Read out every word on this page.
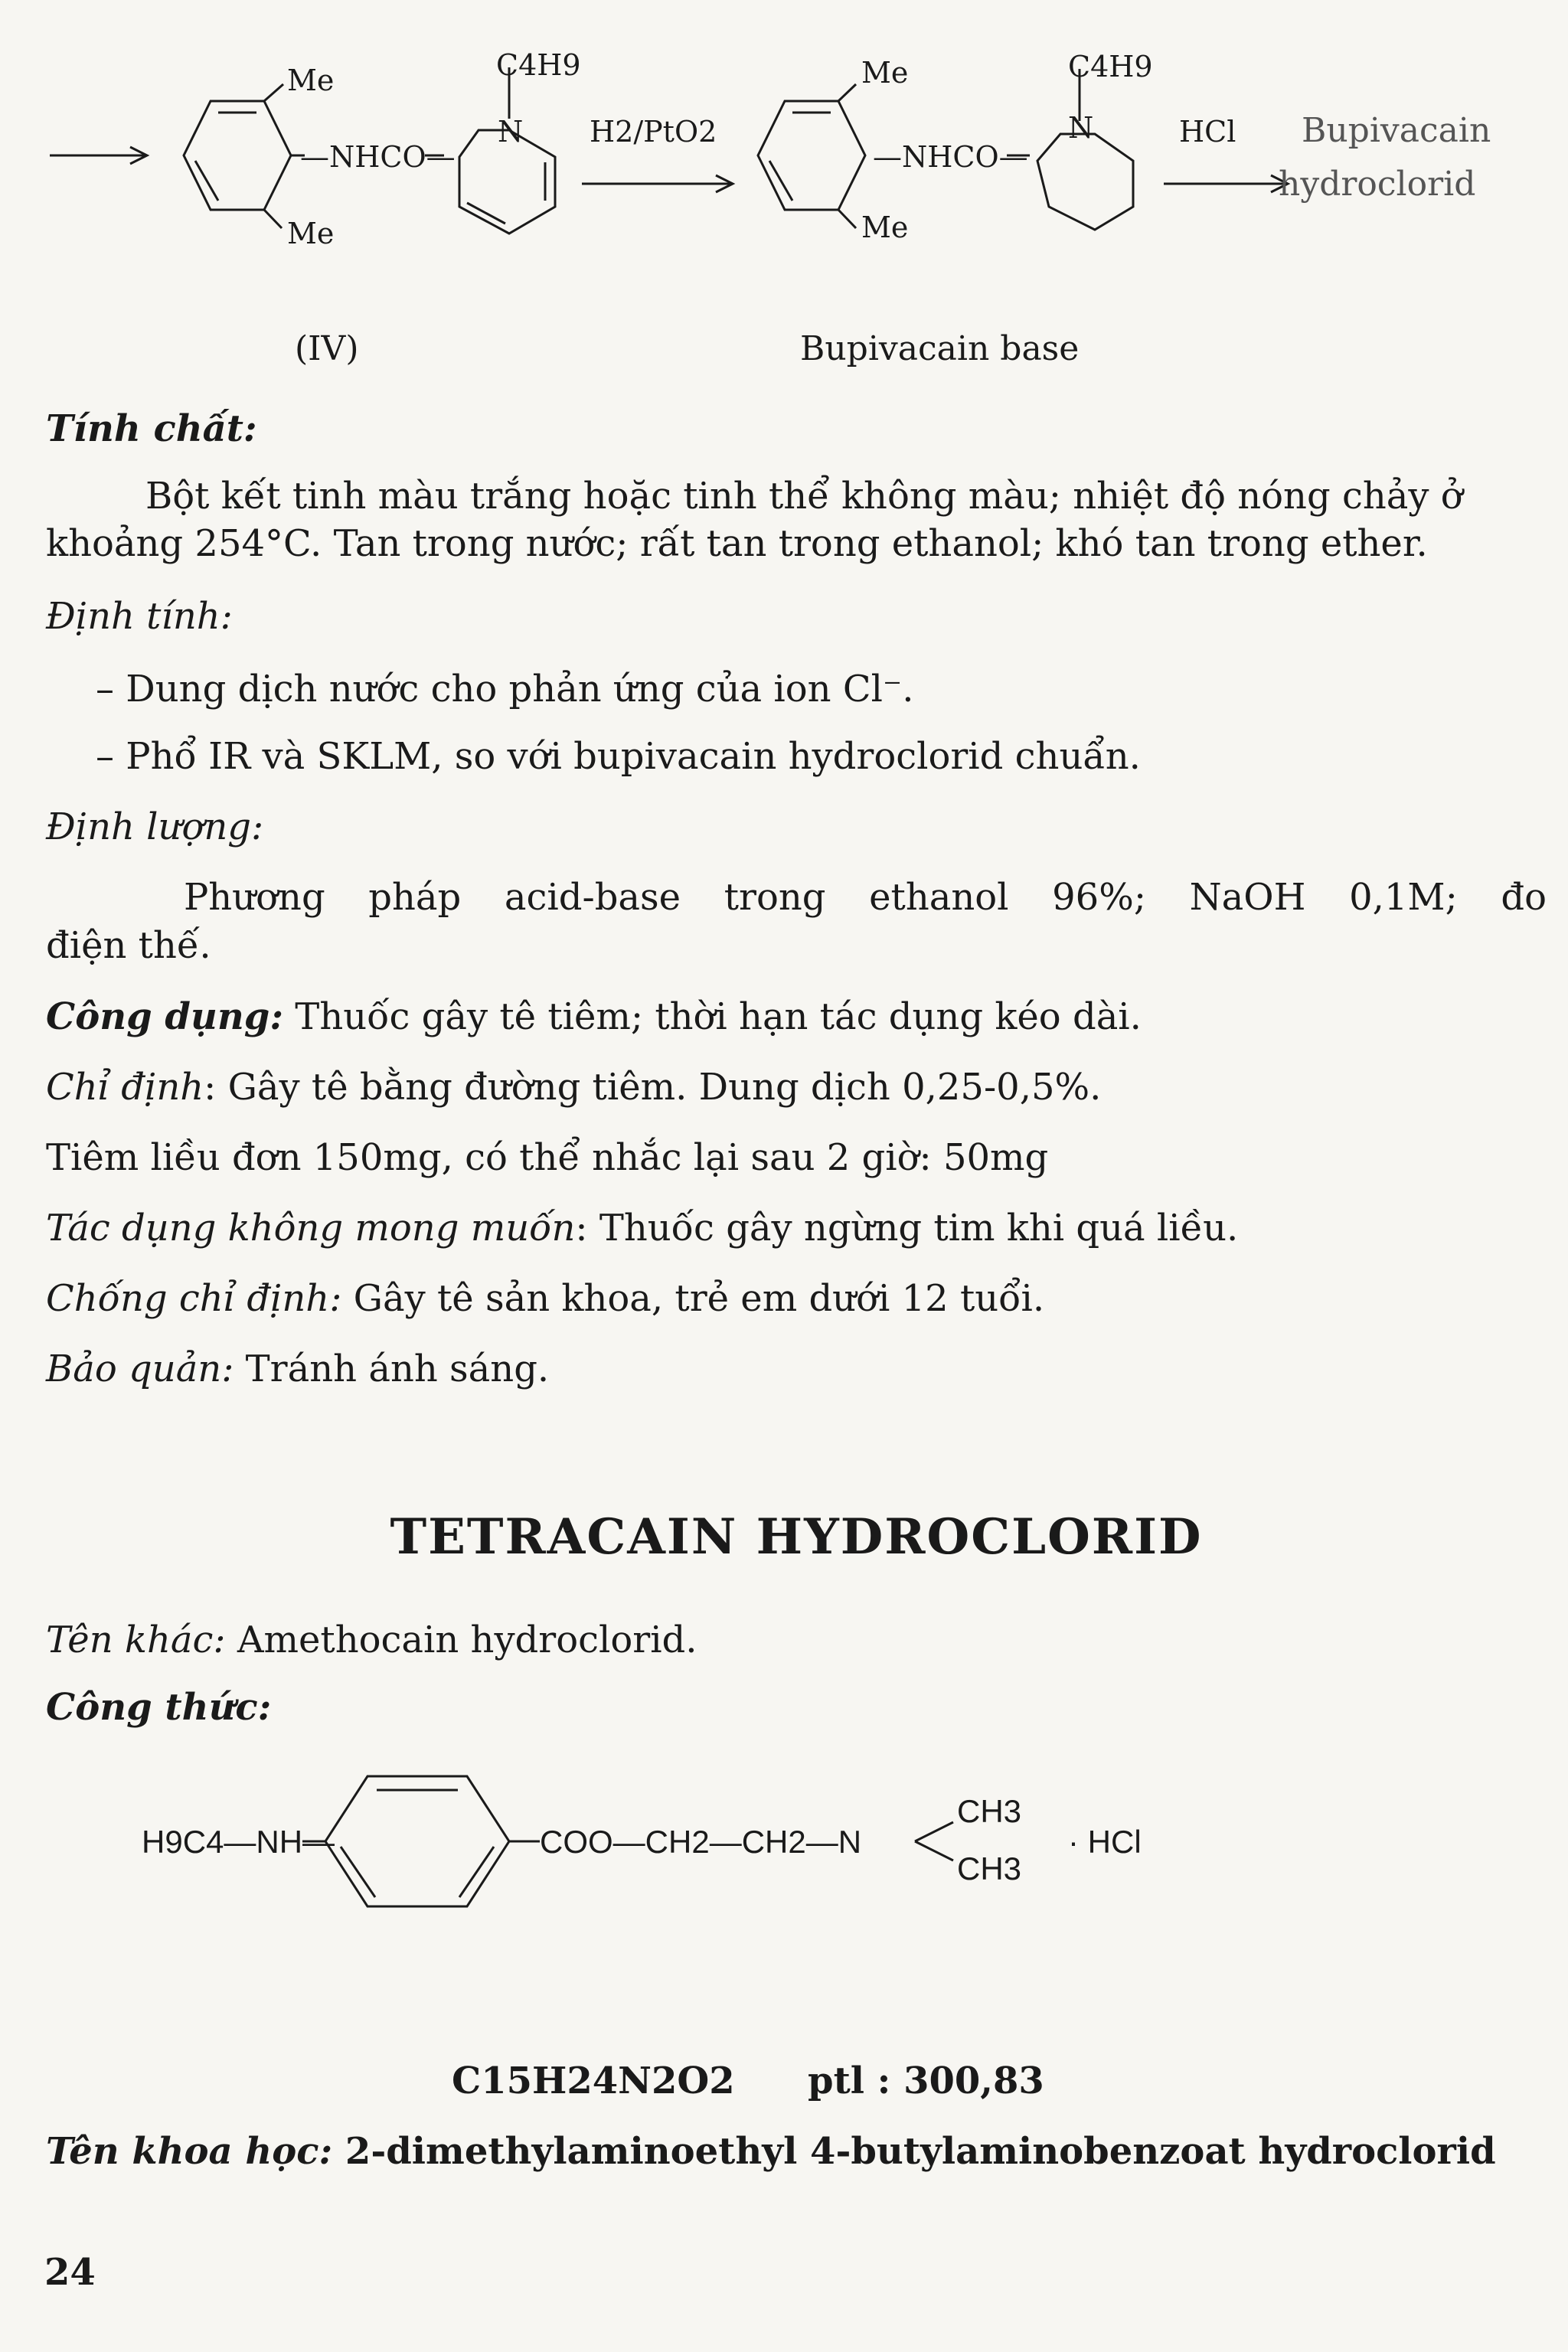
Me
Me
—NHCO—
C4H9
N H2/PtO2
Me
Me
—NHCO—
C4H9
N	HCl Bupivacain
hydroclorid
(IV)	Bupivacain base
Tính chất:
Bột kết tinh màu trắng hoặc tinh thể không màu; nhiệt độ nóng chảy ở
khoảng 254°C. Tan trong nước; rất tan trong ethanol; khó tan trong ether.
Định tính:
– Dung dịch nước cho phản ứng của ion Cl⁻.
– Phổ IR và SKLM, so với bupivacain hydroclorid chuẩn.
Định lượng:
Phương pháp acid-base trong ethanol 96%; NaOH 0,1M; đo
điện thế.
Công dụng: Thuốc gây tê tiêm; thời hạn tác dụng kéo dài.
Chỉ định: Gây tê bằng đường tiêm. Dung dịch 0,25-0,5%.
Tiêm liều đơn 150mg, có thể nhắc lại sau 2 giờ: 50mg
Tác dụng không mong muốn: Thuốc gây ngừng tim khi quá liều.
Chống chỉ định: Gây tê sản khoa, trẻ em dưới 12 tuổi.
Bảo quản: Tránh ánh sáng.
TETRACAIN HYDROCLORID
Tên khác: Amethocain hydroclorid.
Công thức:
H9C4—NH—	COO—CH2—CH2—N
CH3
CH3
· HCl
C15H24N2O2 ptl : 300,83
Tên khoa học: 2-dimethylaminoethyl 4-butylaminobenzoat hydroclorid
24
